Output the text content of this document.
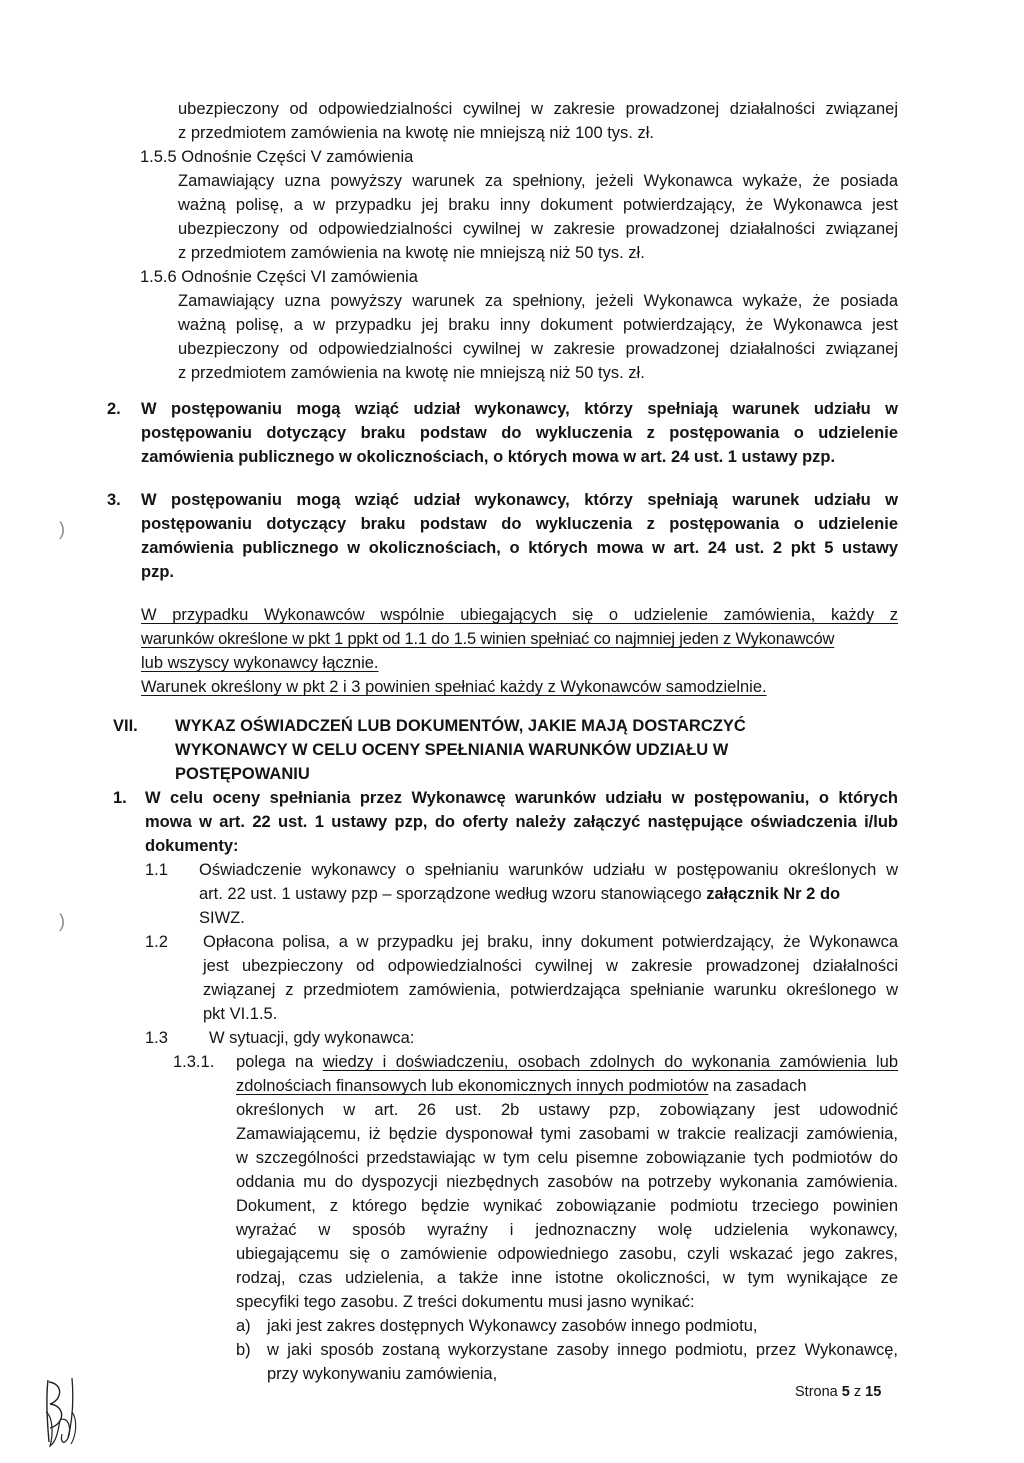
ubezpieczony od odpowiedzialności cywilnej w zakresie prowadzonej działalności związanej
z przedmiotem zamówienia na kwotę nie mniejszą niż 100 tys. zł.
1.5.5 Odnośnie Części V zamówienia
Zamawiający uzna powyższy warunek za spełniony, jeżeli Wykonawca wykaże, że posiada
ważną polisę, a w przypadku jej braku inny dokument potwierdzający, że Wykonawca jest
ubezpieczony od odpowiedzialności cywilnej w zakresie prowadzonej działalności związanej
z przedmiotem zamówienia na kwotę nie mniejszą niż 50 tys. zł.
1.5.6 Odnośnie Części VI zamówienia
Zamawiający uzna powyższy warunek za spełniony, jeżeli Wykonawca wykaże, że posiada
ważną polisę, a w przypadku jej braku inny dokument potwierdzający, że Wykonawca jest
ubezpieczony od odpowiedzialności cywilnej w zakresie prowadzonej działalności związanej
z przedmiotem zamówienia na kwotę nie mniejszą niż 50 tys. zł.
2. W postępowaniu mogą wziąć udział wykonawcy, którzy spełniają warunek udziału w
postępowaniu dotyczący braku podstaw do wykluczenia z postępowania o udzielenie
zamówienia publicznego w okolicznościach, o których mowa w art. 24 ust. 1 ustawy pzp.
3. W postępowaniu mogą wziąć udział wykonawcy, którzy spełniają warunek udziału w
postępowaniu dotyczący braku podstaw do wykluczenia z postępowania o udzielenie
zamówienia publicznego w okolicznościach, o których mowa w art. 24 ust. 2 pkt 5 ustawy
pzp.
W przypadku Wykonawców wspólnie ubiegających się o udzielenie zamówienia, każdy z
warunków określone w pkt 1 ppkt od 1.1 do 1.5 winien spełniać co najmniej jeden z Wykonawców
lub wszyscy wykonawcy łącznie.
Warunek określony w pkt 2 i 3 powinien spełniać każdy z Wykonawców samodzielnie.
VII. WYKAZ OŚWIADCZEŃ LUB DOKUMENTÓW, JAKIE MAJĄ DOSTARCZYĆ
WYKONAWCY W CELU OCENY SPEŁNIANIA WARUNKÓW UDZIAŁU W
POSTĘPOWANIU
1. W celu oceny spełniania przez Wykonawcę warunków udziału w postępowaniu, o których
mowa w art. 22 ust. 1 ustawy pzp, do oferty należy załączyć następujące oświadczenia i/lub
dokumenty:
1.1 Oświadczenie wykonawcy o spełnianiu warunków udziału w postępowaniu określonych w
art. 22 ust. 1 ustawy pzp – sporządzone według wzoru stanowiącego załącznik Nr 2 do
SIWZ.
1.2 Opłacona polisa, a w przypadku jej braku, inny dokument potwierdzający, że Wykonawca
jest ubezpieczony od odpowiedzialności cywilnej w zakresie prowadzonej działalności
związanej z przedmiotem zamówienia, potwierdzająca spełnianie warunku określonego w
pkt VI.1.5.
1.3 W sytuacji, gdy wykonawca:
1.3.1. polega na wiedzy i doświadczeniu, osobach zdolnych do wykonania zamówienia lub
zdolnościach finansowych lub ekonomicznych innych podmiotów na zasadach
określonych w art. 26 ust. 2b ustawy pzp, zobowiązany jest udowodnić
Zamawiającemu, iż będzie dysponował tymi zasobami w trakcie realizacji zamówienia,
w szczególności przedstawiając w tym celu pisemne zobowiązanie tych podmiotów do
oddania mu do dyspozycji niezbędnych zasobów na potrzeby wykonania zamówienia.
Dokument, z którego będzie wynikać zobowiązanie podmiotu trzeciego powinien
wyrażać w sposób wyraźny i jednoznaczny wolę udzielenia wykonawcy,
ubiegającemu się o zamówienie odpowiedniego zasobu, czyli wskazać jego zakres,
rodzaj, czas udzielenia, a także inne istotne okoliczności, w tym wynikające ze
specyfiki tego zasobu. Z treści dokumentu musi jasno wynikać:
a) jaki jest zakres dostępnych Wykonawcy zasobów innego podmiotu,
b) w jaki sposób zostaną wykorzystane zasoby innego podmiotu, przez Wykonawcę,
przy wykonywaniu zamówienia,
)
)
Strona 5 z 15
